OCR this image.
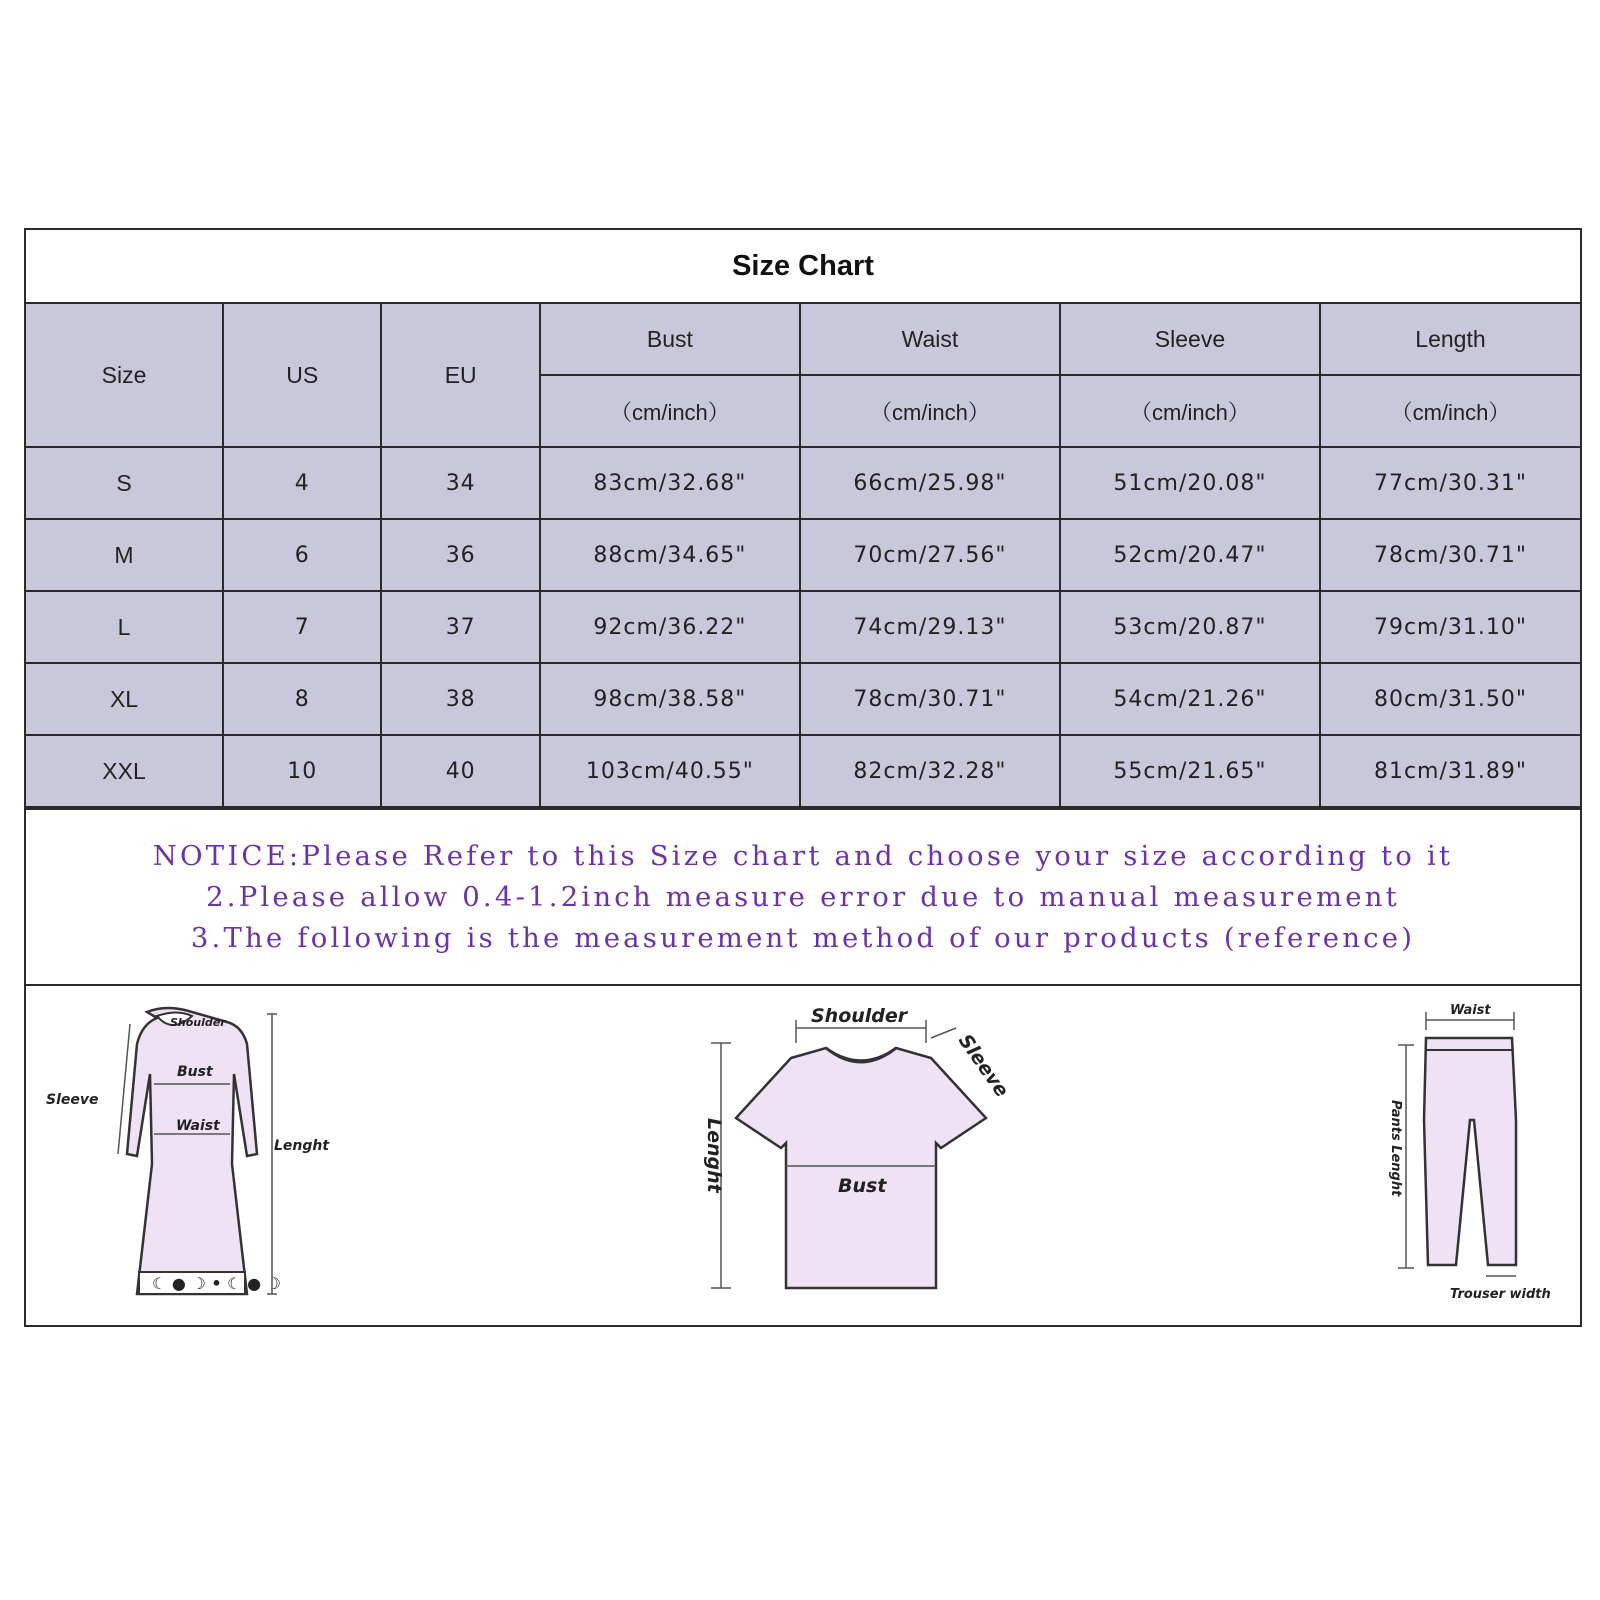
Size Chart
Size	US	EU	Bust	Waist	Sleeve	Length
			（cm/inch）	（cm/inch）	（cm/inch）	（cm/inch）
S	4	34	83cm/32.68"	66cm/25.98"	51cm/20.08"	77cm/30.31"
M	6	36	88cm/34.65"	70cm/27.56"	52cm/20.47"	78cm/30.71"
L	7	37	92cm/36.22"	74cm/29.13"	53cm/20.87"	79cm/31.10"
XL	8	38	98cm/38.58"	78cm/30.71"	54cm/21.26"	80cm/31.50"
XXL	10	40	103cm/40.55"	82cm/32.28"	55cm/21.65"	81cm/31.89"
NOTICE:Please Refer to this Size chart and choose your size according to it
2.Please allow 0.4-1.2inch measure error due to manual measurement
3.The following is the measurement method of our products (reference)
☾ ● ☽ • ☾ ● ☽
Shoulder
Bust
Waist
Sleeve
Lenght
Shoulder
Sleeve
Bust
Lenght
Waist
Pants Lenght
Trouser width
